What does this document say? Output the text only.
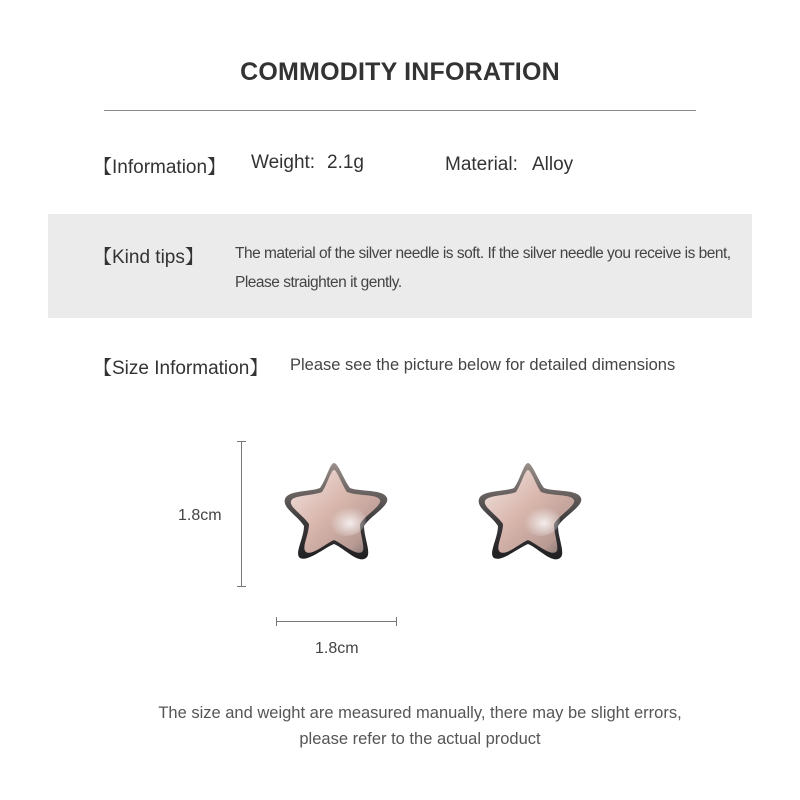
COMMODITY INFORATION
【Information】 Weight: 2.1g	Material: Alloy
【Kind tips】 The material of the silver needle is soft. If the silver needle you receive is bent,
Please straighten it gently.
【Size Information】 Please see the picture below for detailed dimensions
1.8cm
1.8cm
The size and weight are measured manually, there may be slight errors,
please refer to the actual product
